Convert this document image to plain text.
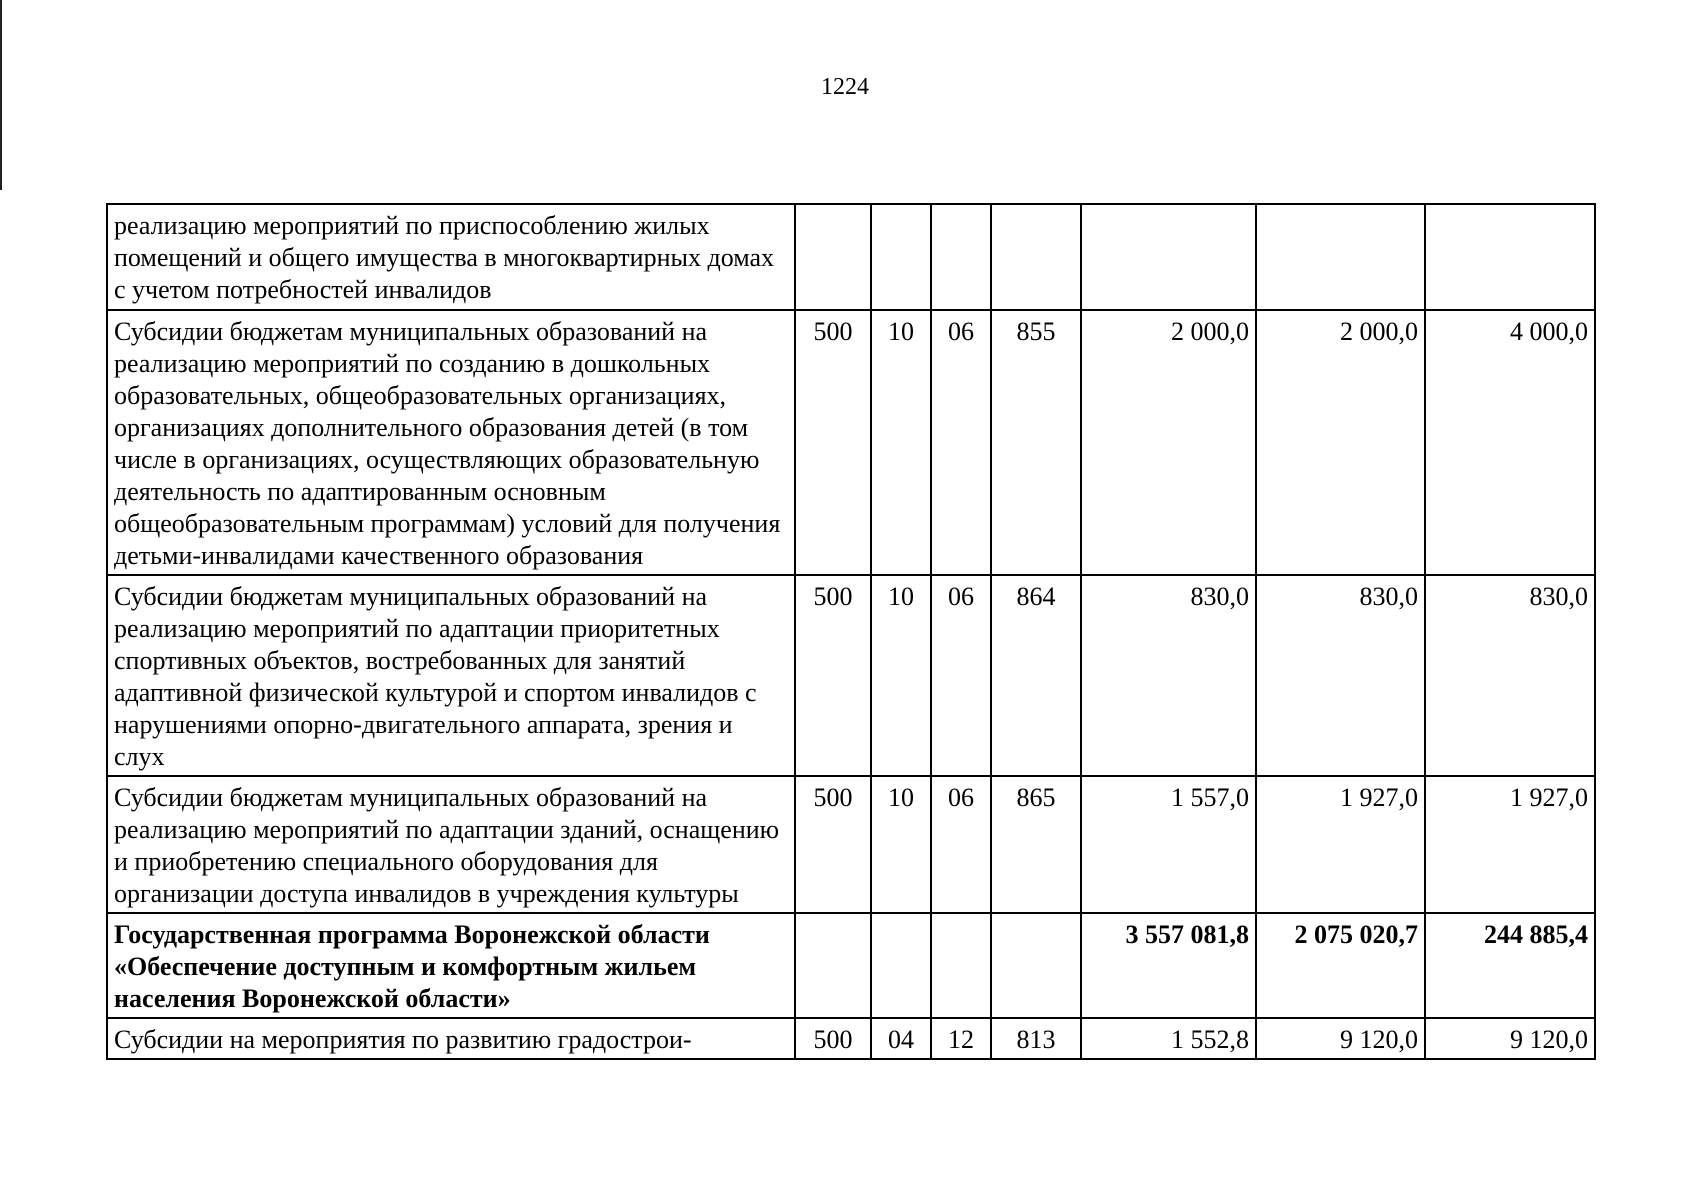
1224
реализацию мероприятий по приспособлению жилых помещений и общего имущества в многоквартирных домах с учетом потребностей инвалидов							
Субсидии бюджетам муниципальных образований на реализацию мероприятий по созданию в дошкольных образовательных, общеобразовательных организациях, организациях дополнительного образования детей (в том числе в организациях, осуществляющих образовательную деятельность по адаптированным основным общеобразовательным программам) условий для получения детьми-инвалидами качественного образования	500	10	06	855	2 000,0	2 000,0	4 000,0
Субсидии бюджетам муниципальных образований на реализацию мероприятий по адаптации приоритетных спортивных объектов, востребованных для занятий адаптивной физической культурой и спортом инвалидов с нарушениями опорно-двигательного аппарата, зрения и слух	500	10	06	864	830,0	830,0	830,0
Субсидии бюджетам муниципальных образований на реализацию мероприятий по адаптации зданий, оснащению и приобретению специального оборудования для организации доступа инвалидов в учреждения культуры	500	10	06	865	1 557,0	1 927,0	1 927,0
Государственная программа Воронежской области «Обеспечение доступным и комфортным жильем населения Воронежской области»					3 557 081,8	2 075 020,7	244 885,4
Субсидии на мероприятия по развитию градострои-	500	04	12	813	1 552,8	9 120,0	9 120,0
